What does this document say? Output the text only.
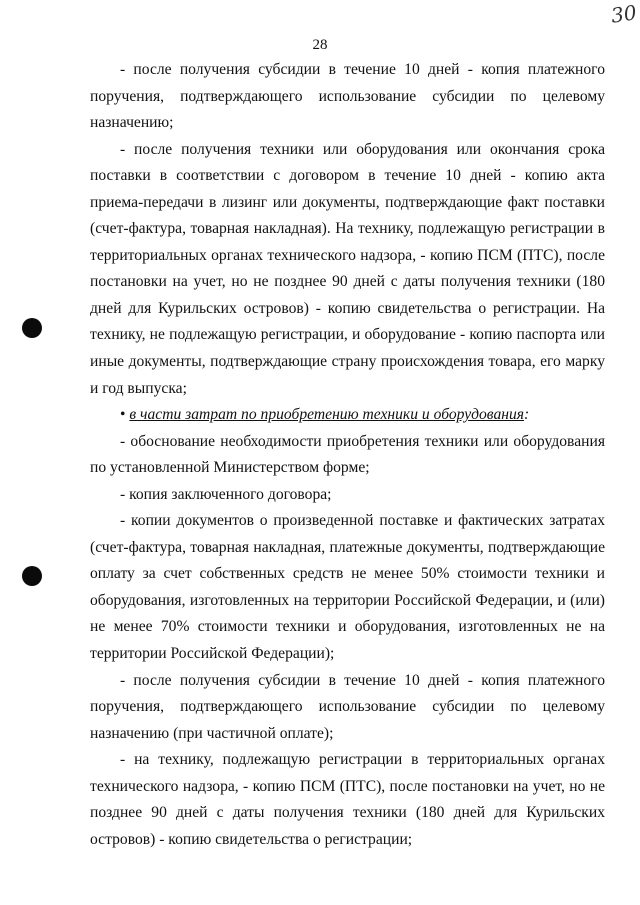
30
28

- после получения субсидии в течение 10 дней - копия платежного поручения, подтверждающего использование субсидии по целевому назначению;

- после получения техники или оборудования или окончания срока поставки в соответствии с договором в течение 10 дней - копию акта приема-передачи в лизинг или документы, подтверждающие факт поставки (счет-фактура, товарная накладная). На технику, подлежащую регистрации в территориальных органах технического надзора, - копию ПСМ (ПТС), после постановки на учет, но не позднее 90 дней с даты получения техники (180 дней для Курильских островов) - копию свидетельства о регистрации. На технику, не подлежащую регистрации, и оборудование - копию паспорта или иные документы, подтверждающие страну происхождения товара, его марку и год выпуска;

• в части затрат по приобретению техники и оборудования:

- обоснование необходимости приобретения техники или оборудования по установленной Министерством форме;

- копия заключенного договора;

- копии документов о произведенной поставке и фактических затратах (счет-фактура, товарная накладная, платежные документы, подтверждающие оплату за счет собственных средств не менее 50% стоимости техники и оборудования, изготовленных на территории Российской Федерации, и (или) не менее 70% стоимости техники и оборудования, изготовленных не на территории Российской Федерации);

- после получения субсидии в течение 10 дней - копия платежного поручения, подтверждающего использование субсидии по целевому назначению (при частичной оплате);

- на технику, подлежащую регистрации в территориальных органах технического надзора, - копию ПСМ (ПТС), после постановки на учет, но не позднее 90 дней с даты получения техники (180 дней для Курильских островов) - копию свидетельства о регистрации;
